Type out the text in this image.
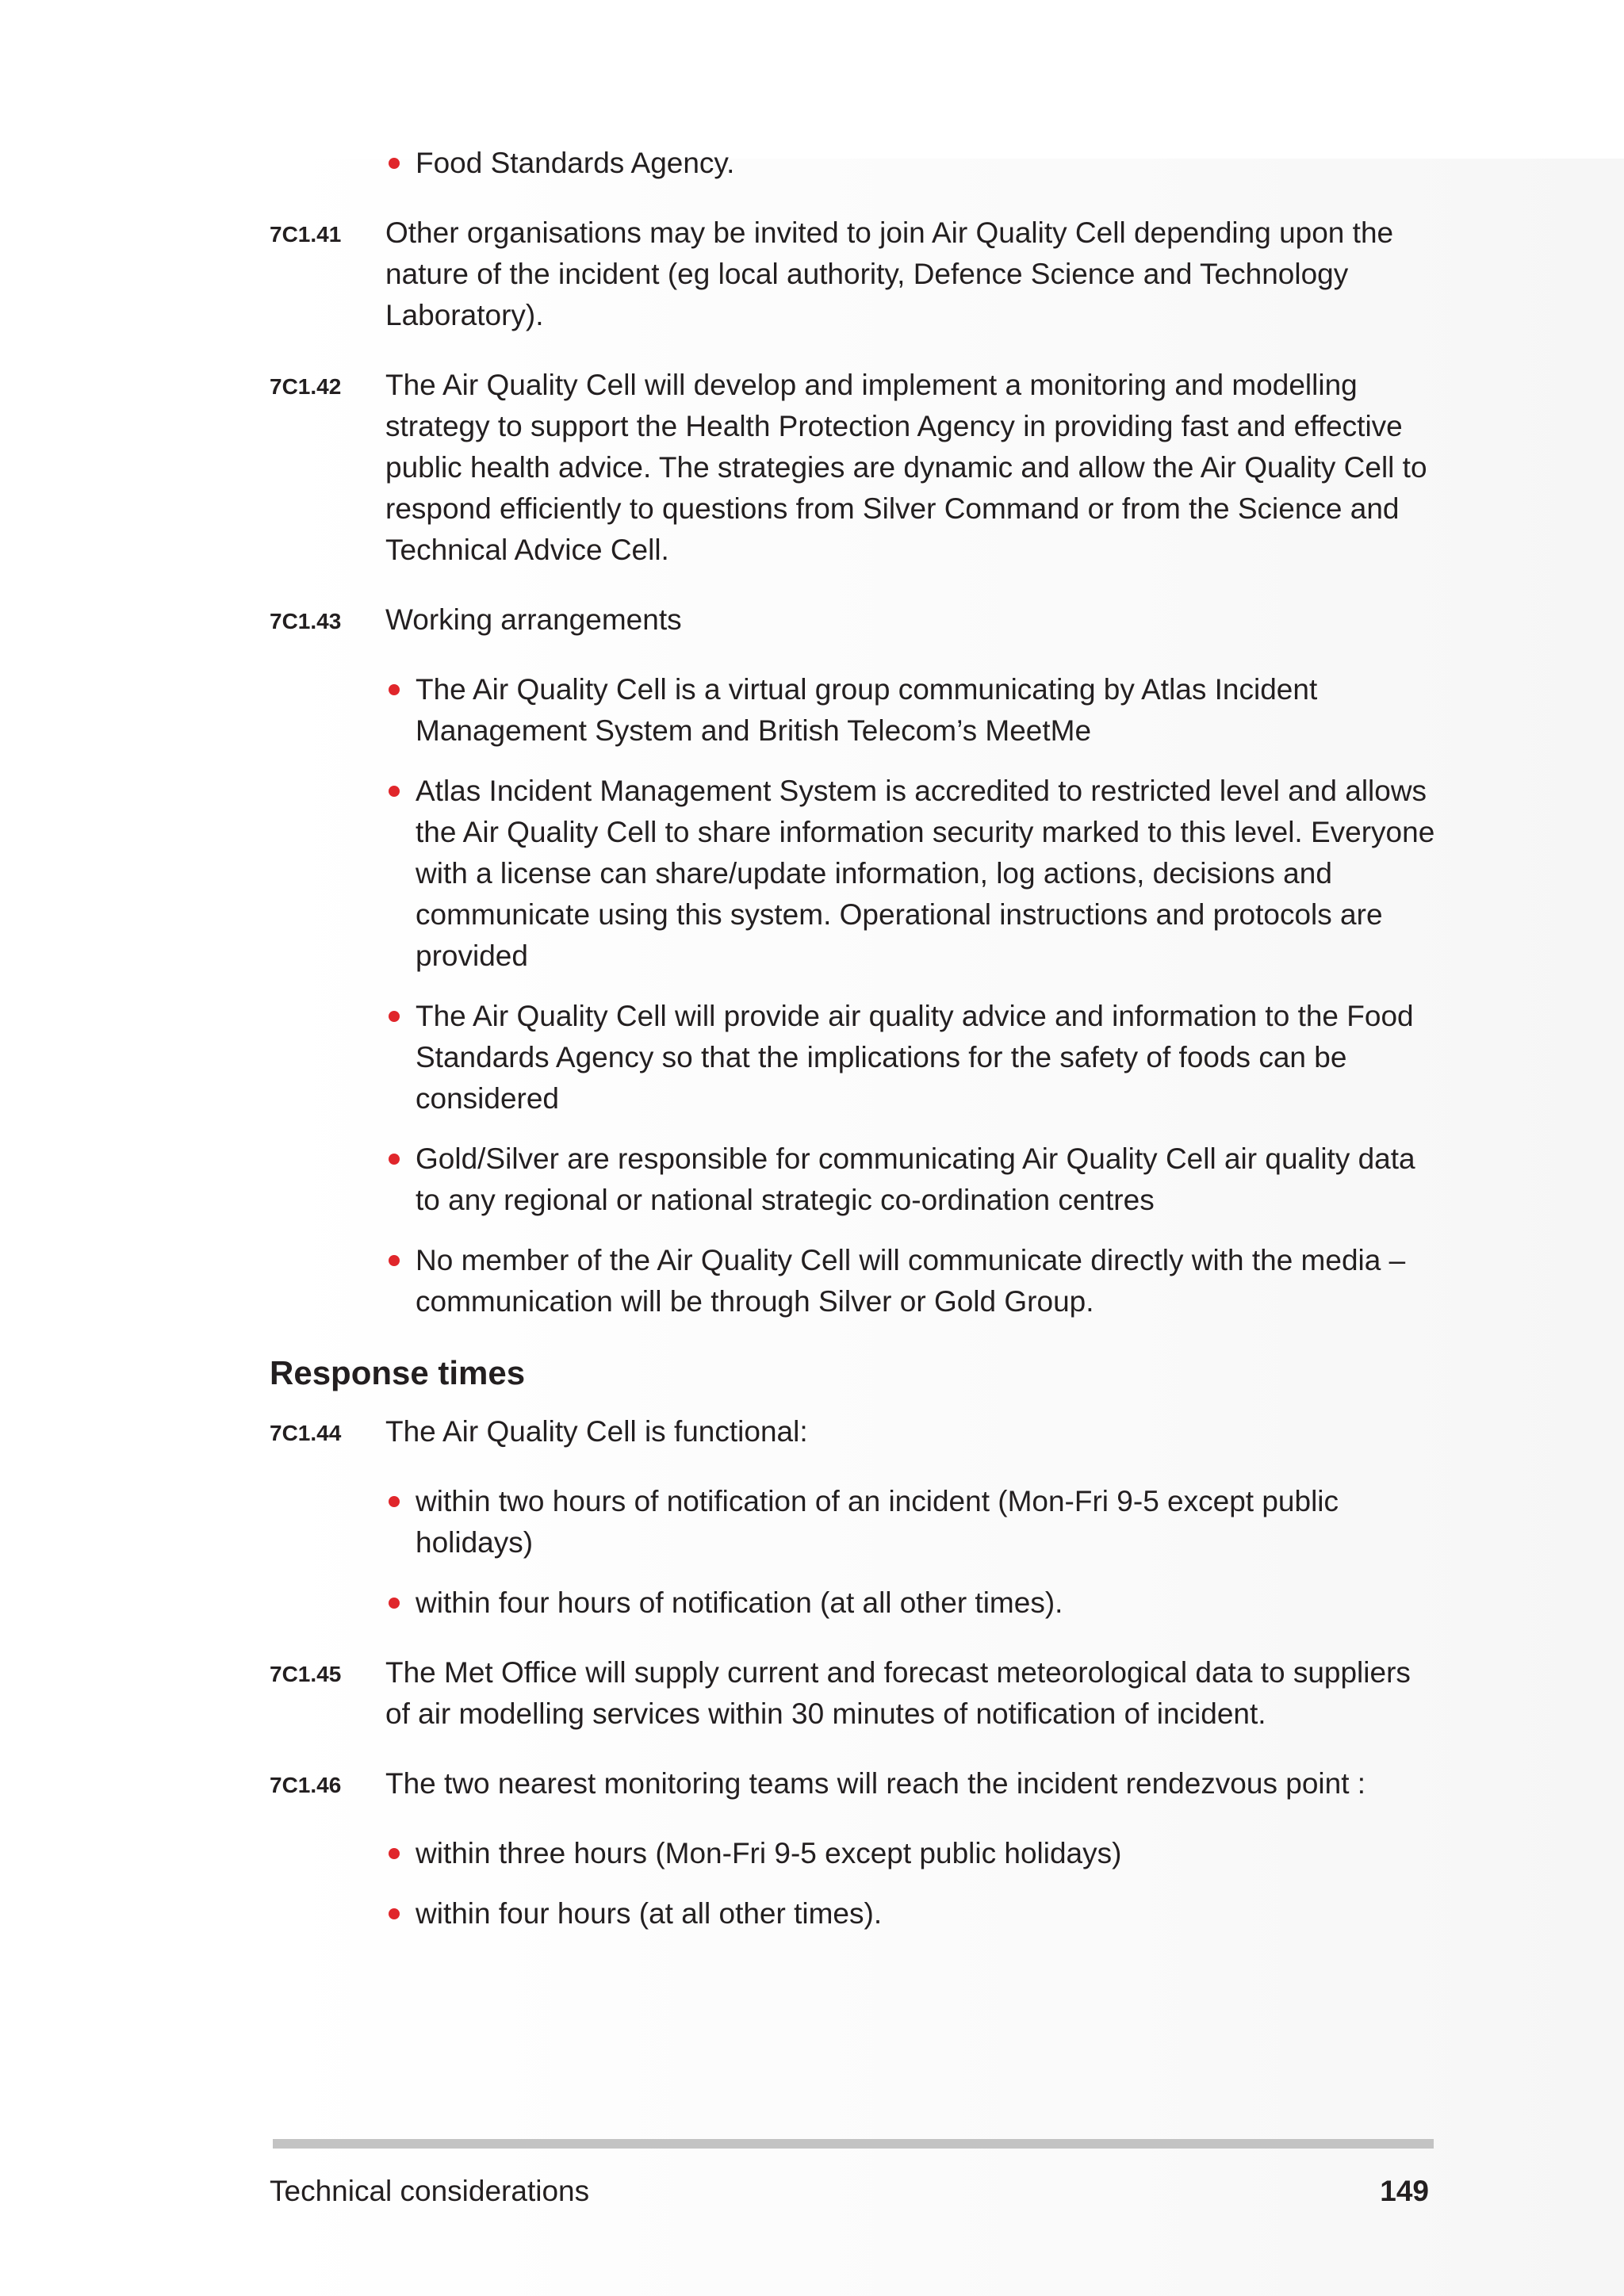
Food Standards Agency.
7C1.41	Other organisations may be invited to join Air Quality Cell depending upon the nature of the incident (eg local authority, Defence Science and Technology Laboratory).
7C1.42	The Air Quality Cell will develop and implement a monitoring and modelling strategy to support the Health Protection Agency in providing fast and effective public health advice. The strategies are dynamic and allow the Air Quality Cell to respond efficiently to questions from Silver Command or from the Science and Technical Advice Cell.
7C1.43	Working arrangements
The Air Quality Cell is a virtual group communicating by Atlas Incident Management System and British Telecom’s MeetMe
Atlas Incident Management System is accredited to restricted level and allows the Air Quality Cell to share information security marked to this level. Everyone with a license can share/update information, log actions, decisions and communicate using this system. Operational instructions and protocols are provided
The Air Quality Cell will provide air quality advice and information to the Food Standards Agency so that the implications for the safety of foods can be considered
Gold/Silver are responsible for communicating Air Quality Cell air quality data to any regional or national strategic co-ordination centres
No member of the Air Quality Cell will communicate directly with the media – communication will be through Silver or Gold Group.
Response times
7C1.44	The Air Quality Cell is functional:
within two hours of notification of an incident (Mon-Fri 9-5 except public holidays)
within four hours of notification (at all other times).
7C1.45	The Met Office will supply current and forecast meteorological data to suppliers of air modelling services within 30 minutes of notification of incident.
7C1.46	The two nearest monitoring teams will reach the incident rendezvous point :
within three hours (Mon-Fri 9-5 except public holidays)
within four hours (at all other times).
Technical considerations	149
